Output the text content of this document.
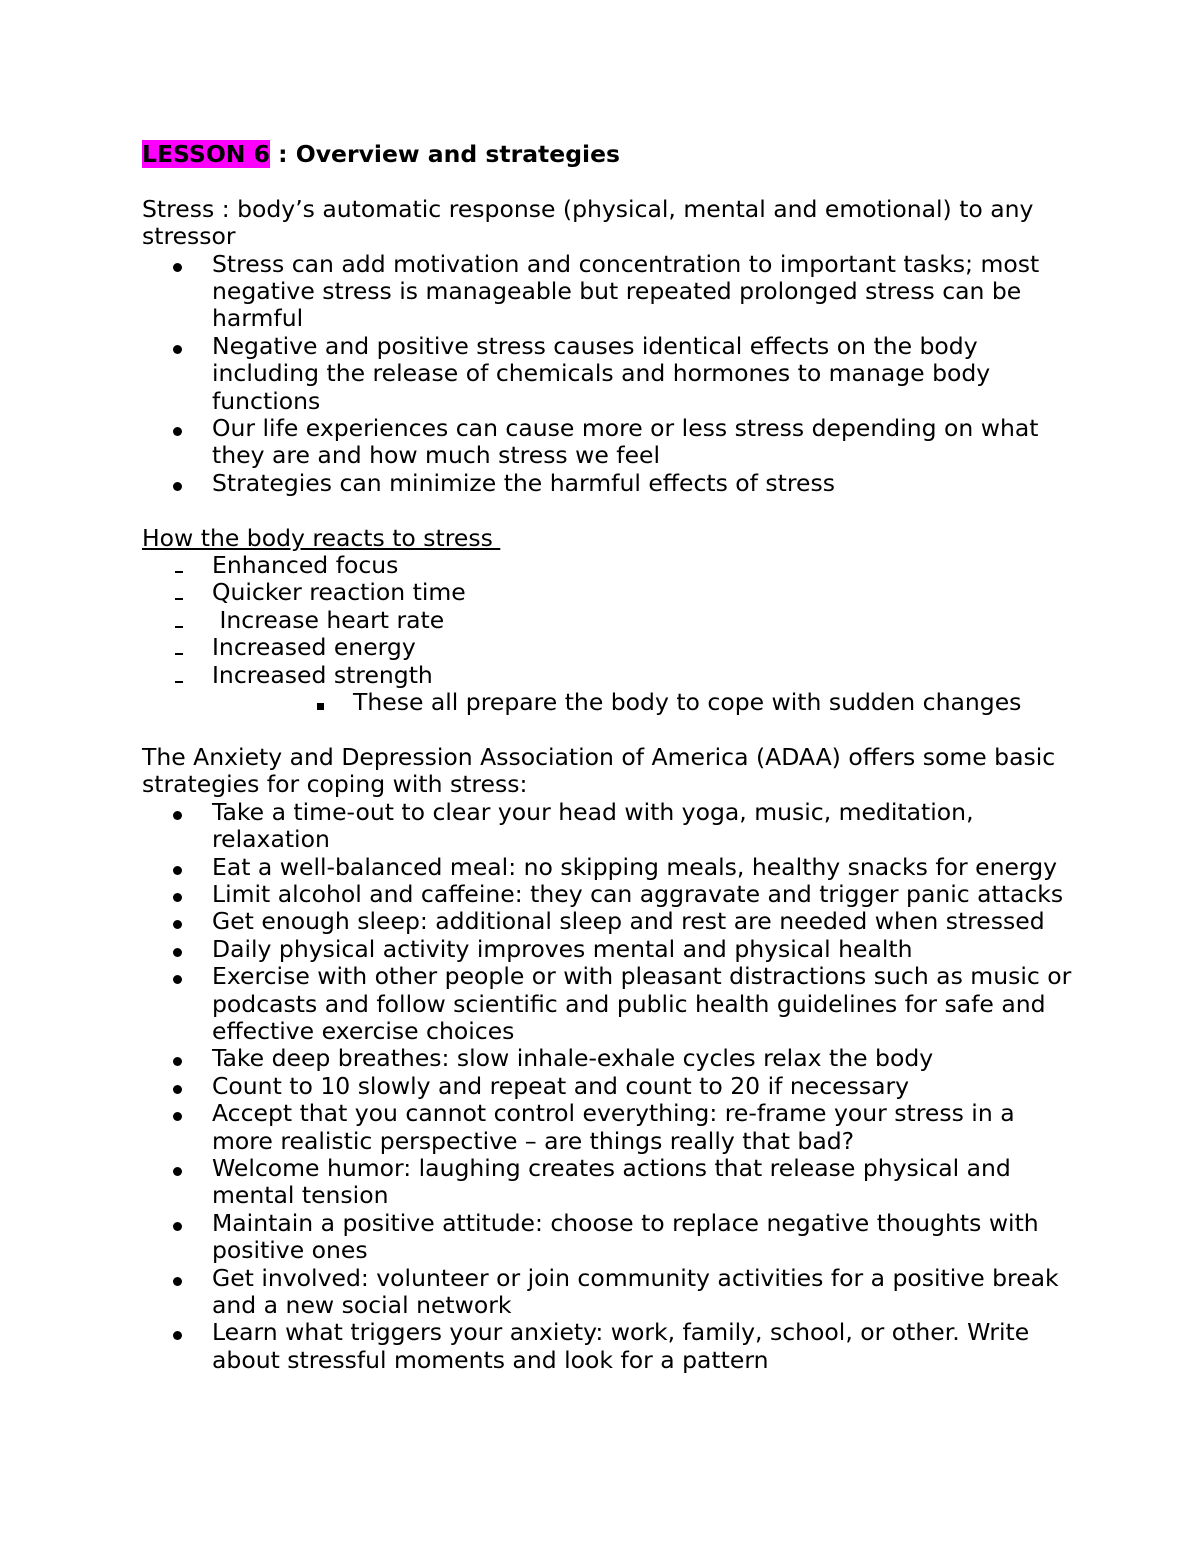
LESSON 6 : Overview and strategies

Stress : body’s automatic response (physical, mental and emotional) to any stressor

Stress can add motivation and concentration to important tasks; most negative stress is manageable but repeated prolonged stress can be harmful
Negative and positive stress causes identical effects on the body including the release of chemicals and hormones to manage body functions
Our life experiences can cause more or less stress depending on what they are and how much stress we feel
Strategies can minimize the harmful effects of stress

How the body reacts to stress

Enhanced focus
Quicker reaction time
Increase heart rate
Increased energy
Increased strength
These all prepare the body to cope with sudden changes

The Anxiety and Depression Association of America (ADAA) offers some basic strategies for coping with stress:

Take a time-out to clear your head with yoga, music, meditation, relaxation
Eat a well-balanced meal: no skipping meals, healthy snacks for energy
Limit alcohol and caffeine: they can aggravate and trigger panic attacks
Get enough sleep: additional sleep and rest are needed when stressed
Daily physical activity improves mental and physical health
Exercise with other people or with pleasant distractions such as music or podcasts and follow scientific and public health guidelines for safe and effective exercise choices
Take deep breathes: slow inhale-exhale cycles relax the body
Count to 10 slowly and repeat and count to 20 if necessary
Accept that you cannot control everything: re-frame your stress in a more realistic perspective – are things really that bad?
Welcome humor: laughing creates actions that release physical and mental tension
Maintain a positive attitude: choose to replace negative thoughts with positive ones
Get involved: volunteer or join community activities for a positive break and a new social network
Learn what triggers your anxiety: work, family, school, or other. Write about stressful moments and look for a pattern
